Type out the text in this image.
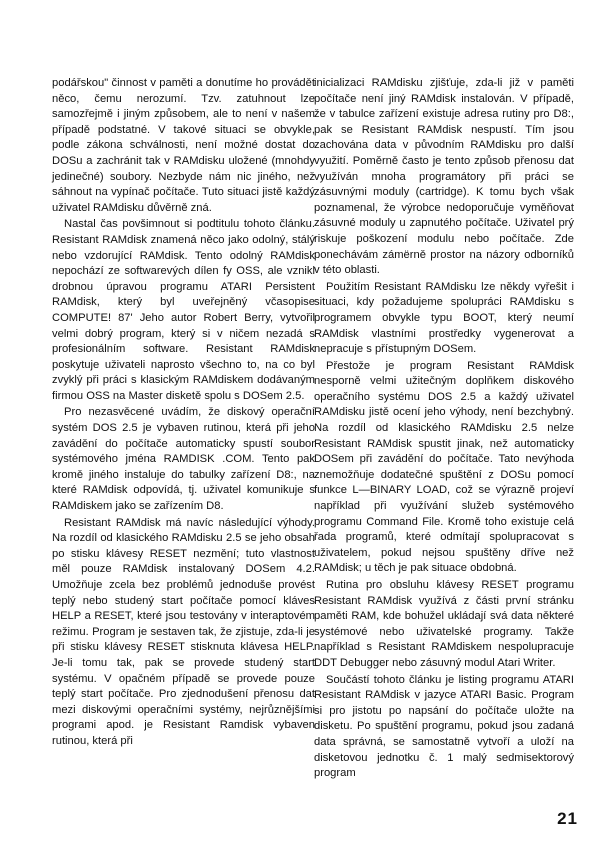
podářskou" činnost v paměti a donutíme ho provádět něco, čemu nerozumí. Tzv. zatuhnout lze samozřejmě i jiným způsobem, ale to není v našem případě podstatné. V takové situaci se obvykle, podle zákona schválnosti, není možné dostat do DOSu a zachránit tak v RAMdisku uložené (mnohdy jedinečné) soubory. Nezbyde nám nic jiného, než sáhnout na vypínač počítače. Tuto situaci jistě každý uživatel RAMdisku důvěrně zná.

Nastal čas povšimnout si podtitulu tohoto článku. Resistant RAMdisk znamená něco jako odolný, stálý nebo vzdorující RAMdisk. Tento odolný RAMdisk nepochází ze softwarevých dílen fy OSS, ale vznikl drobnou úpravou programu ATARI Persistent RAMdisk, který byl uveřejněný včasopise COMPUTE! 87' Jeho autor Robert Berry, vytvořil velmi dobrý program, který si v ničem nezadá s profesionálním software. Resistant RAMdisk poskytuje uživateli naprosto všechno to, na co byl zvyklý při práci s klasickým RAMdiskem dodávaným firmou OSS na Master disketě spolu s DOSem 2.5.

Pro nezasvěcené uvádím, že diskový operační systém DOS 2.5 je vybaven rutinou, která při jeho zavádění do počítače automaticky spustí soubor systémového jména RAMDISK .COM. Tento pak kromě jiného instaluje do tabulky zařízení D8:, na které RAMdisk odpovídá, tj. uživatel komunikuje s RAMdiskem jako se zařízením D8.

Resistant RAMdisk má navíc následující výhody. Na rozdíl od klasického RAMdisku 2.5 se jeho obsah po stisku klávesy RESET nezmění; tuto vlastnost měl pouze RAMdisk instalovaný DOSem 4.2. Umožňuje zcela bez problémů jednoduše provést teplý nebo studený start počítače pomocí kláves HELP a RESET, které jsou testovány v interaptovém režimu. Program je sestaven tak, že zjistuje, zda-li je při stisku klávesy RESET stisknuta klávesa HELP. Je-li tomu tak, pak se provede studený start systému. V opačném případě se provede pouze teplý start počítače. Pro zjednodušení přenosu dat mezi diskovými operačními systémy, nejrůznějšími programi apod. je Resistant Ramdisk vybaven rutinou, která při

inicializaci RAMdisku zjišťuje, zda-li již v paměti počítače není jiný RAMdisk instalován. V případě, že v tabulce zařízení existuje adresa rutiny pro D8:, pak se Resistant RAMdisk nespustí. Tím jsou zachována data v původním RAMdisku pro další využití. Poměrně často je tento způsob přenosu dat využíván mnoha programátory při práci se zásuvnými moduly (cartridge). K tomu bych však poznamenal, že výrobce nedoporučuje vyměňovat zásuvné moduly u zapnutého počítače. Uživatel prý riskuje poškození modulu nebo počítače. Zde ponechávám zámërně prostor na názory odborníků v této oblasti.

Použitím Resistant RAMdisku lze někdy vyřešit i situaci, kdy požadujeme spolupráci RAMdisku s programem obvykle typu BOOT, který neumí RAMdisk vlastními prostředky vygenerovat a nepracuje s přístupným DOSem.

Přestože je program Resistant RAMdisk nesporně velmi užitečným doplňkem diskového operačního systému DOS 2.5 a každý uživatel RAMdisku jistě ocení jeho výhody, není bezchybný. Na rozdíl od klasického RAMdisku 2.5 nelze Resistant RAMdisk spustit jinak, než automaticky DOSem při zavádění do počítače. Tato nevýhoda znemožňuje dodatečné spuštění z DOSu pomocí funkce L—BINARY LOAD, což se výrazně projeví například při využívání služeb systémového programu Command File. Kromě toho existuje celá řada programů, které odmítají spolupracovat s uživatelem, pokud nejsou spuštěny dříve než RAMdisk; u těch je pak situace obdobná.

Rutina pro obsluhu klávesy RESET programu Resistant RAMdisk využívá z části první stránku paměti RAM, kde bohužel ukládají svá data některé systémové nebo uživatelské programy. Takže například s Resistant RAMdiskem nespolupracuje DDT Debugger nebo zásuvný modul Atari Writer.

Součástí tohoto článku je listing programu ATARI Resistant RAMdisk v jazyce ATARI Basic. Program si pro jistotu po napsání do počítače uložte na disketu. Po spuštění programu, pokud jsou zadaná data správná, se samostatně vytvoří a uloží na disketovou jednotku č. 1 malý sedmisektorový program

21
